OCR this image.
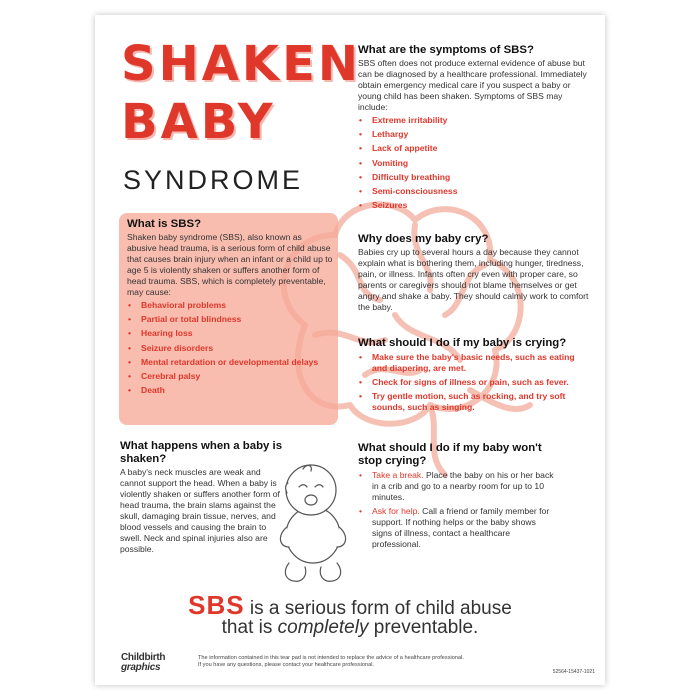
SHAKEN
BABY
SYNDROME
What is SBS?

Shaken baby syndrome (SBS), also known as abusive head trauma, is a serious form of child abuse that causes brain injury when an infant or a child up to age 5 is violently shaken or suffers another form of head trauma. SBS, which is completely preventable, may cause:

• Behavioral problems
• Partial or total blindness
• Hearing loss
• Seizure disorders
• Mental retardation or developmental delays
• Cerebral palsy
• Death
What happens when a baby is shaken?

A baby's neck muscles are weak and cannot support the head. When a baby is violently shaken or suffers another form of head trauma, the brain slams against the skull, damaging brain tissue, nerves, and blood vessels and causing the brain to swell. Neck and spinal injuries also are possible.

What are the symptoms of SBS?

SBS often does not produce external evidence of abuse but can be diagnosed by a healthcare professional. Immediately obtain emergency medical care if you suspect a baby or young child has been shaken. Symptoms of SBS may include:

• Extreme irritability
• Lethargy
• Lack of appetite
• Vomiting
• Difficulty breathing
• Semi-consciousness
• Seizures
Why does my baby cry?

Babies cry up to several hours a day because they cannot explain what is bothering them, including hunger, tiredness, pain, or illness. Infants often cry even with proper care, so parents or caregivers should not blame themselves or get angry and shake a baby. They should calmly work to comfort the baby.

What should I do if my baby is crying?
• Make sure the baby's basic needs, such as eating and diapering, are met.
• Check for signs of illness or pain, such as fever.
• Try gentle motion, such as rocking, and try soft sounds, such as singing.
What should I do if my baby won't stop crying?
• Take a break. Place the baby on his or her back in a crib and go to a nearby room for up to 10 minutes.
• Ask for help. Call a friend or family member for support. If nothing helps or the baby shows signs of illness, contact a healthcare professional.
SBS is a serious form of child abuse
that is completely preventable.
Childbirth
graphics
The information contained in this tear pad is not intended to replace the advice of a healthcare professional.
If you have any questions, please contact your healthcare professional.
52564-15437-1021
